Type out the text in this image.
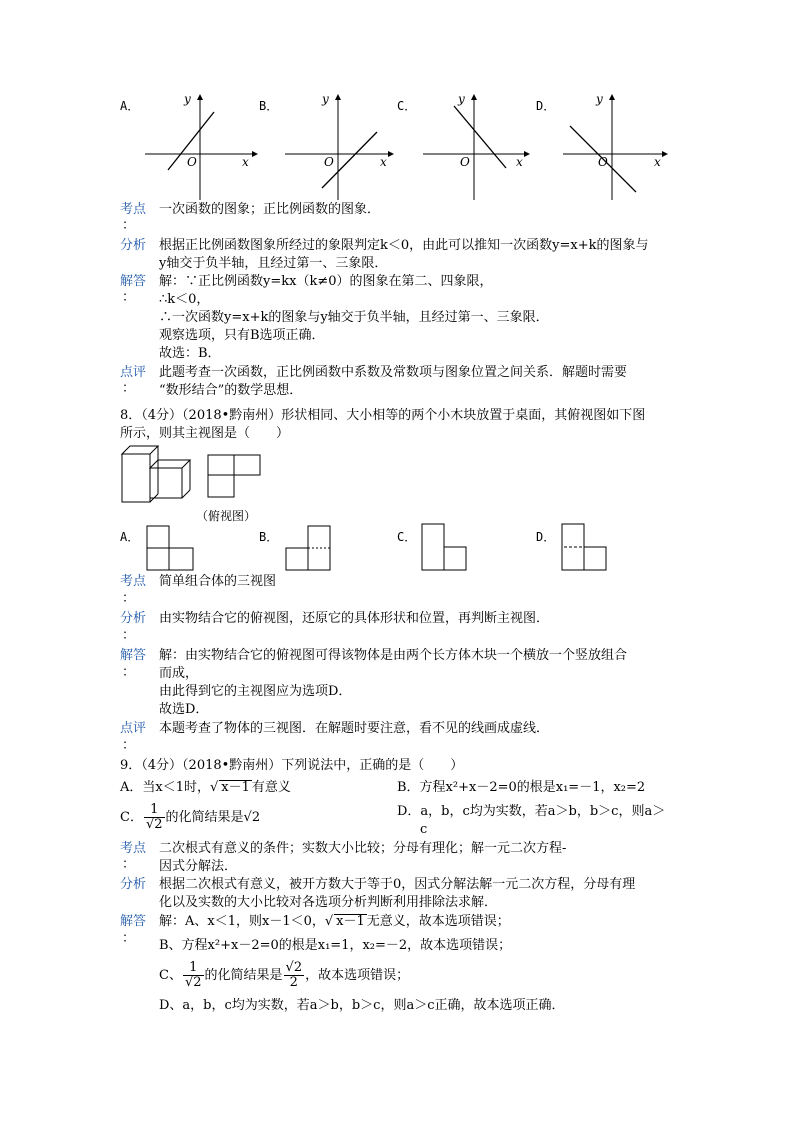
A．	B．	C．	D．
y
x
O
y
x
O
y
x
O
y
x
O
考点
：
一次函数的图象；正比例函数的图象．
分析 根据正比例函数图象所经过的象限判定k＜0，由此可以推知一次函数y=x+k的图象与
y轴交于负半轴，且经过第一、三象限．
解答
：
解：∵正比例函数y=kx（k≠0）的图象在第二、四象限，
∴k＜0，
∴一次函数y=x+k的图象与y轴交于负半轴，且经过第一、三象限．
观察选项，只有B选项正确．
故选：B．
点评
：
此题考查一次函数，正比例函数中系数及常数项与图象位置之间关系．解题时需要
“数形结合”的数学思想．
8．（4分）（2018•黔南州）形状相同、大小相等的两个小木块放置于桌面，其俯视图如下图
所示，则其主视图是（　　）
（俯视图）
A．	B．	C．	D．
考点
：
简单组合体的三视图
分析
：
由实物结合它的俯视图，还原它的具体形状和位置，再判断主视图．
解答
：
解：由实物结合它的俯视图可得该物体是由两个长方体木块一个横放一个竖放组合
而成，
由此得到它的主视图应为选项D．
故选D．
点评
：
本题考查了物体的三视图．在解题时要注意，看不见的线画成虚线．
9．（4分）（2018•黔南州）下列说法中，正确的是（　　）
A．当x＜1时，√ x－1 有意义	B．方程x²+x－2=0的根是x₁=－1，x₂=2
C． $\frac{1}{√2}$ 的化简结果是√2	D．a，b，c均为实数，若a＞b，b＞c，则a＞
c
考点
：
二次根式有意义的条件；实数大小比较；分母有理化；解一元二次方程-
因式分解法．
分析 根据二次根式有意义，被开方数大于等于0，因式分解法解一元二次方程，分母有理
化以及实数的大小比较对各选项分析判断利用排除法求解．
解答
：
解：A、x＜1，则x－1＜0，√ x－1 无意义，故本选项错误；
B、方程x²+x－2=0的根是x₁=1，x₂=－2，故本选项错误；
C、 $\frac{1}{√2}$ 的化简结果是 $\frac{√2}{2}$ ，故本选项错误；
D、a，b，c均为实数，若a＞b，b＞c，则a＞c正确，故本选项正确．
